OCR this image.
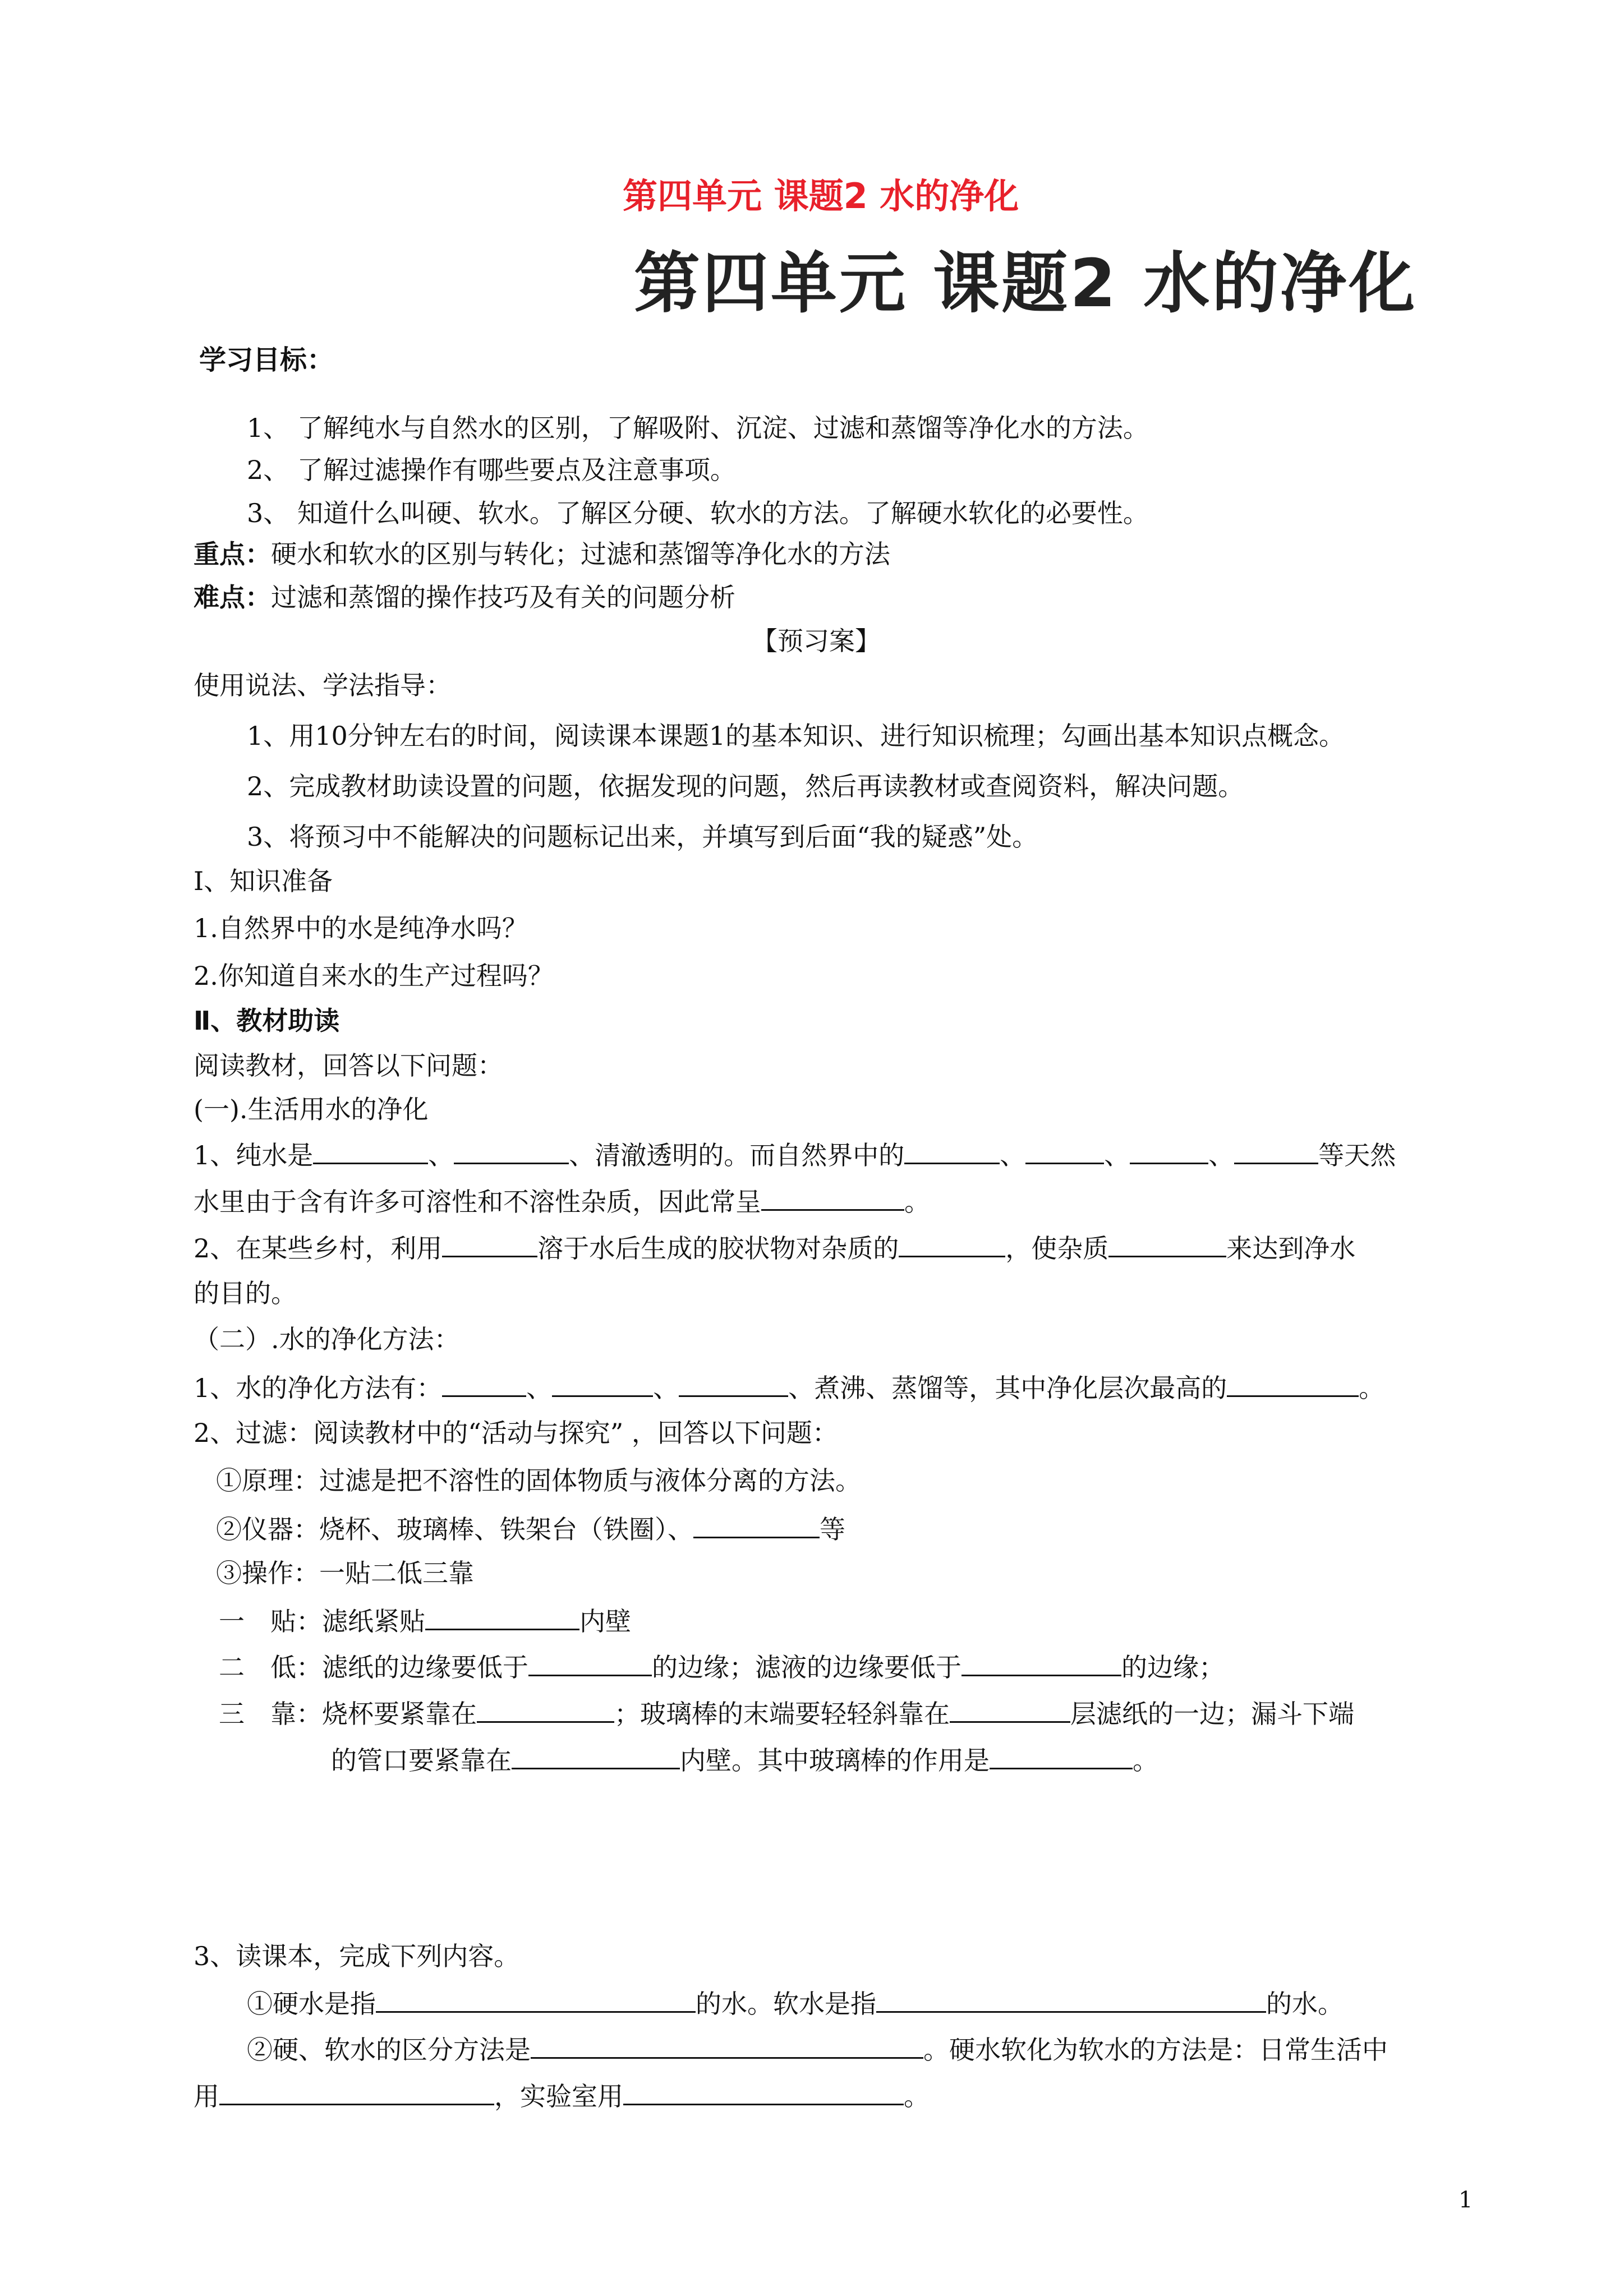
第四单元 课题2 水的净化
第四单元 课题2 水的净化
学习目标：
1、 了解纯水与自然水的区别，了解吸附、沉淀、过滤和蒸馏等净化水的方法。
2、 了解过滤操作有哪些要点及注意事项。
3、 知道什么叫硬、软水。了解区分硬、软水的方法。了解硬水软化的必要性。
重点：硬水和软水的区别与转化；过滤和蒸馏等净化水的方法
难点：过滤和蒸馏的操作技巧及有关的问题分析
【预习案】
使用说法、学法指导：
1、用10分钟左右的时间，阅读课本课题1的基本知识、进行知识梳理；勾画出基本知识点概念。
2、完成教材助读设置的问题，依据发现的问题，然后再读教材或查阅资料，解决问题。
3、将预习中不能解决的问题标记出来，并填写到后面“我的疑惑”处。
Ⅰ、知识准备
1.自然界中的水是纯净水吗？
2.你知道自来水的生产过程吗？
Ⅱ、教材助读
阅读教材，回答以下问题：
(一).生活用水的净化
1、纯水是	、	、清澈透明的。而自然界中的	、	、	、	等天然
水里由于含有许多可溶性和不溶性杂质，因此常呈	。
2、在某些乡村，利用	溶于水后生成的胶状物对杂质的	，使杂质	来达到净水
的目的。
（二）.水的净化方法：
1、水的净化方法有：	、	、	、煮沸、蒸馏等，其中净化层次最高的	。
2、过滤：阅读教材中的“活动与探究” ，回答以下问题：
①原理：过滤是把不溶性的固体物质与液体分离的方法。
②仪器：烧杯、玻璃棒、铁架台（铁圈）、	等
③操作：一贴二低三靠
一　贴：滤纸紧贴	内壁
二　低：滤纸的边缘要低于	的边缘；滤液的边缘要低于	的边缘；
三　靠：烧杯要紧靠在	；玻璃棒的末端要轻轻斜靠在	层滤纸的一边；漏斗下端
的管口要紧靠在	内壁。其中玻璃棒的作用是	。
3、读课本，完成下列内容。
①硬水是指	的水。软水是指	的水。
②硬、软水的区分方法是	。硬水软化为软水的方法是：日常生活中
用	，实验室用	。
1
